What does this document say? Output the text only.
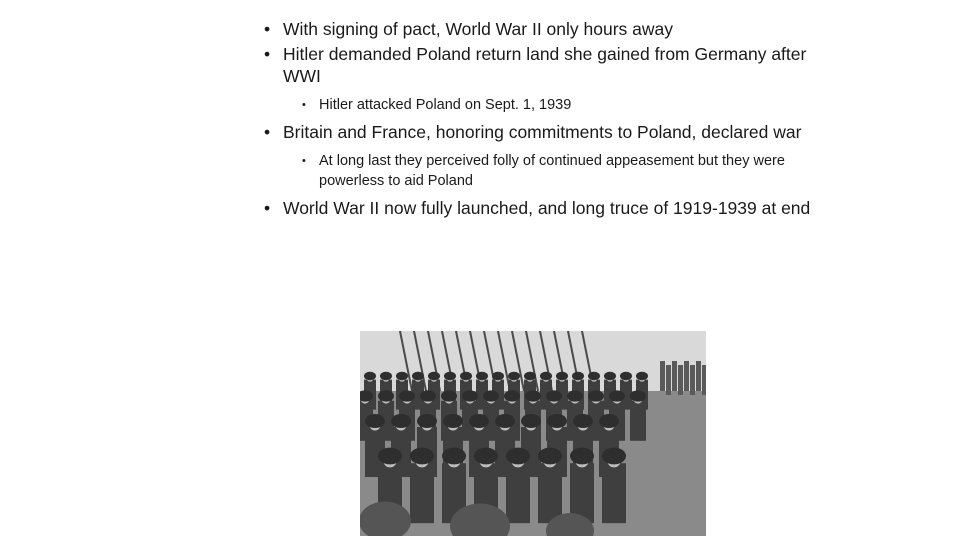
• With signing of pact, World War II only hours away

• Hitler demanded Poland return land she gained from Germany after WWI

• Hitler attacked Poland on Sept. 1, 1939

• Britain and France, honoring commitments to Poland, declared war

• At long last they perceived folly of continued appeasement but they were powerless to aid Poland

• World War II now fully launched, and long truce of 1919-1939 at end
